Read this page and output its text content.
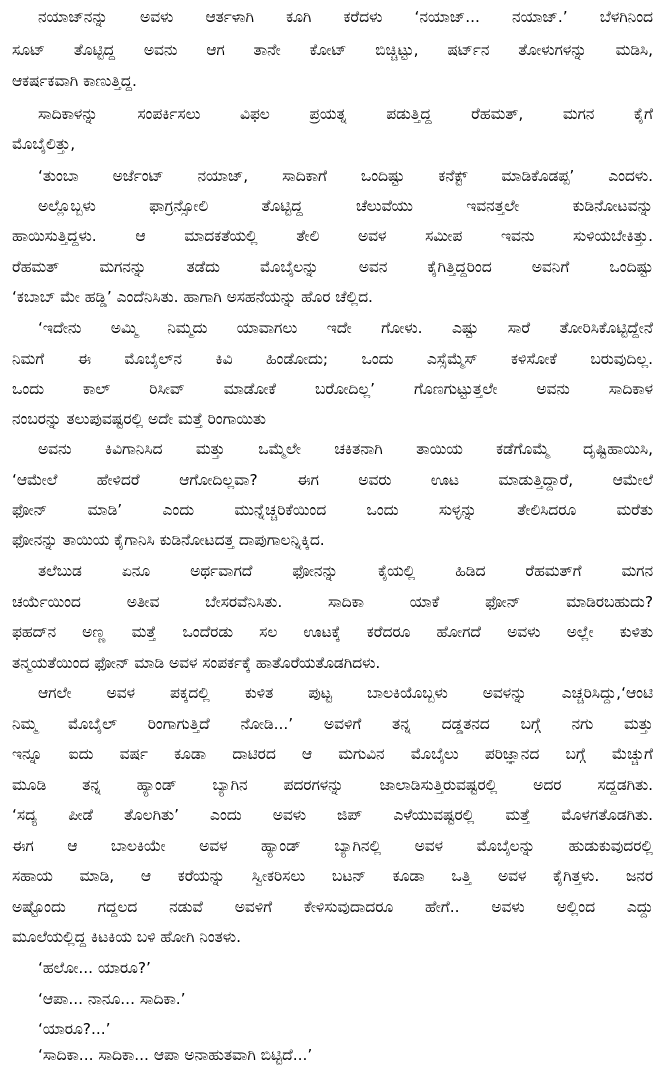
ನಯಾಜ್‌ನನ್ನು ಅವಳು ಆರ್ತಳಾಗಿ ಕೂಗಿ ಕರೆದಳು ‘ನಯಾಜ್... ನಯಾಜ್.’ ಬೆಳಗಿನಿಂದ
ಸೂಟ್ ತೊಟ್ಟಿದ್ದ ಅವನು ಆಗ ತಾನೇ ಕೋಟ್ ಬಿಚ್ಚಿಟ್ಟು, ಷರ್ಟ್‌ನ ತೋಳುಗಳನ್ನು ಮಡಿಸಿ,
ಆಕರ್ಷಕವಾಗಿ ಕಾಣುತ್ತಿದ್ದ.
ಸಾದಿಕಾಳನ್ನು ಸಂಪರ್ಕಿಸಲು ವಿಫಲ ಪ್ರಯತ್ನ ಪಡುತ್ತಿದ್ದ ರೆಹಮತ್, ಮಗನ ಕೈಗೆ
ಮೊಬೈಲಿತ್ತು,
‘ತುಂಬಾ ಅರ್ಜೆಂಟ್ ನಯಾಜ್, ಸಾದಿಕಾಗೆ ಒಂದಿಷ್ಟು ಕನೆಕ್ಟ್ ಮಾಡಿಕೊಡಪ್ಪ’ ಎಂದಳು.
ಅಲ್ಲೊಬ್ಬಳು ಫಾಗ್ರನ್ಸೋಲಿ ತೊಟ್ಟಿದ್ದ ಚೆಲುವೆಯು ಇವನತ್ತಲೇ ಕುಡಿನೋಟವನ್ನು
ಹಾಯಿಸುತ್ತಿದ್ದಳು. ಆ ಮಾದಕತೆಯಲ್ಲಿ ತೇಲಿ ಅವಳ ಸಮೀಪ ಇವನು ಸುಳಿಯಬೇಕಿತ್ತು.
ರೆಹಮತ್ ಮಗನನ್ನು ತಡೆದು ಮೊಬೈಲನ್ನು ಅವನ ಕೈಗಿತ್ತಿದ್ದರಿಂದ ಅವನಿಗೆ ಒಂದಿಷ್ಟು
‘ಕಬಾಬ್ ಮೇ ಹಡ್ಡಿ’ ಎಂದೆನಿಸಿತು. ಹಾಗಾಗಿ ಅಸಹನೆಯನ್ನು ಹೊರ ಚೆಲ್ಲಿದ.
‘ಇದೇನು ಅಮ್ಮಿ ನಿಮ್ಮದು ಯಾವಾಗಲು ಇದೇ ಗೋಳು. ಎಷ್ಟು ಸಾರೆ ತೋರಿಸಿಕೊಟ್ಟಿದ್ದೇನೆ
ನಿಮಗೆ ಈ ಮೊಬೈಲ್‌ನ ಕಿವಿ ಹಿಂಡೋದು; ಒಂದು ಎಸ್ಸೆಮ್ಮೆಸ್ ಕಳಿಸೋಕೆ ಬರುವುದಿಲ್ಲ.
ಒಂದು ಕಾಲ್ ರಿಸೀವ್ ಮಾಡೋಕೆ ಬರೋದಿಲ್ಲ’ ಗೊಣಗುಟ್ಟುತ್ತಲೇ ಅವನು ಸಾದಿಕಾಳ
ನಂಬರನ್ನು ತಲುಪುವಷ್ಟರಲ್ಲಿ ಅದೇ ಮತ್ತೆ ರಿಂಗಾಯಿತು
ಅವನು ಕಿವಿಗಾನಿಸಿದ ಮತ್ತು ಒಮ್ಮೆಲೇ ಚಕಿತನಾಗಿ ತಾಯಿಯ ಕಡೆಗೊಮ್ಮೆ ದೃಷ್ಟಿಹಾಯಿಸಿ,
‘ಆಮೇಲೆ ಹೇಳಿದರೆ ಆಗೋದಿಲ್ಲವಾ? ಈಗ ಅವರು ಊಟ ಮಾಡುತ್ತಿದ್ದಾರೆ, ಆಮೇಲೆ
ಫೋನ್ ಮಾಡಿ’ ಎಂದು ಮುನ್ನೆಚ್ಚರಿಕೆಯಿಂದ ಒಂದು ಸುಳ್ಳನ್ನು ತೇಲಿಸಿದರೂ ಮರೆತು
ಫೋನನ್ನು ತಾಯಿಯ ಕೈಗಾನಿಸಿ ಕುಡಿನೋಟದತ್ತ ದಾಪುಗಾಲನ್ನಿಕ್ಕಿದ.
ತಲೆಬುಡ ಏನೂ ಅರ್ಥವಾಗದೆ ಫೋನನ್ನು ಕೈಯಲ್ಲಿ ಹಿಡಿದ ರೆಹಮತ್‌ಗೆ ಮಗನ
ಚರ್ಯೆಯಿಂದ ಅತೀವ ಬೇಸರವೆನಿಸಿತು. ಸಾದಿಕಾ ಯಾಕೆ ಫೋನ್ ಮಾಡಿರಬಹುದು?
ಫಹದ್‌ನ ಅಣ್ಣ ಮತ್ತೆ ಒಂದೆರಡು ಸಲ ಊಟಕ್ಕೆ ಕರೆದರೂ ಹೋಗದೆ ಅವಳು ಅಲ್ಲೇ ಕುಳಿತು
ತನ್ಮಯತೆಯಿಂದ ಫೋನ್ ಮಾಡಿ ಅವಳ ಸಂಪರ್ಕಕ್ಕೆ ಹಾತೊರೆಯತೊಡಗಿದಳು.
ಆಗಲೇ ಅವಳ ಪಕ್ಕದಲ್ಲಿ ಕುಳಿತ ಪುಟ್ಟ ಬಾಲಕಿಯೊಬ್ಬಳು ಅವಳನ್ನು ಎಚ್ಚರಿಸಿದ್ದು,‘ಆಂಟಿ
ನಿಮ್ಮ ಮೊಬೈಲ್ ರಿಂಗಾಗುತ್ತಿದೆ ನೋಡಿ...’ ಅವಳಿಗೆ ತನ್ನ ದಡ್ಡತನದ ಬಗ್ಗೆ ನಗು ಮತ್ತು
ಇನ್ನೂ ಐದು ವರ್ಷ ಕೂಡಾ ದಾಟಿರದ ಆ ಮಗುವಿನ ಮೊಬೈಲು ಪರಿಜ್ಞಾನದ ಬಗ್ಗೆ ಮೆಚ್ಚುಗೆ
ಮೂಡಿ ತನ್ನ ಹ್ಯಾಂಡ್ ಬ್ಯಾಗಿನ ಪದರಗಳನ್ನು ಜಾಲಾಡಿಸುತ್ತಿರುವಷ್ಟರಲ್ಲಿ ಅದರ ಸದ್ದಡಗಿತು.
‘ಸದ್ಯ ಪೀಡೆ ತೊಲಗಿತು’ ಎಂದು ಅವಳು ಜಿಪ್ ಎಳೆಯುವಷ್ಟರಲ್ಲಿ ಮತ್ತೆ ಮೊಳಗತೊಡಗಿತು.
ಈಗ ಆ ಬಾಲಕಿಯೇ ಅವಳ ಹ್ಯಾಂಡ್ ಬ್ಯಾಗಿನಲ್ಲಿ ಅವಳ ಮೊಬೈಲನ್ನು ಹುಡುಕುವುದರಲ್ಲಿ
ಸಹಾಯ ಮಾಡಿ, ಆ ಕರೆಯನ್ನು ಸ್ವೀಕರಿಸಲು ಬಟನ್ ಕೂಡಾ ಒತ್ತಿ ಅವಳ ಕೈಗಿತ್ತಳು. ಜನರ
ಅಷ್ಟೊಂದು ಗದ್ದಲದ ನಡುವೆ ಅವಳಿಗೆ ಕೇಳಿಸುವುದಾದರೂ ಹೇಗೆ.. ಅವಳು ಅಲ್ಲಿಂದ ಎದ್ದು
ಮೂಲೆಯಲ್ಲಿದ್ದ ಕಿಟಕಿಯ ಬಳಿ ಹೋಗಿ ನಿಂತಳು.
‘ಹಲೋ... ಯಾರೂ?’
‘ಆಪಾ... ನಾನೂ... ಸಾದಿಕಾ.’
‘ಯಾರೂ?...’
‘ಸಾದಿಕಾ... ಸಾದಿಕಾ... ಆಪಾ ಅನಾಹುತವಾಗಿ ಬಿಟ್ಟಿದೆ...’
